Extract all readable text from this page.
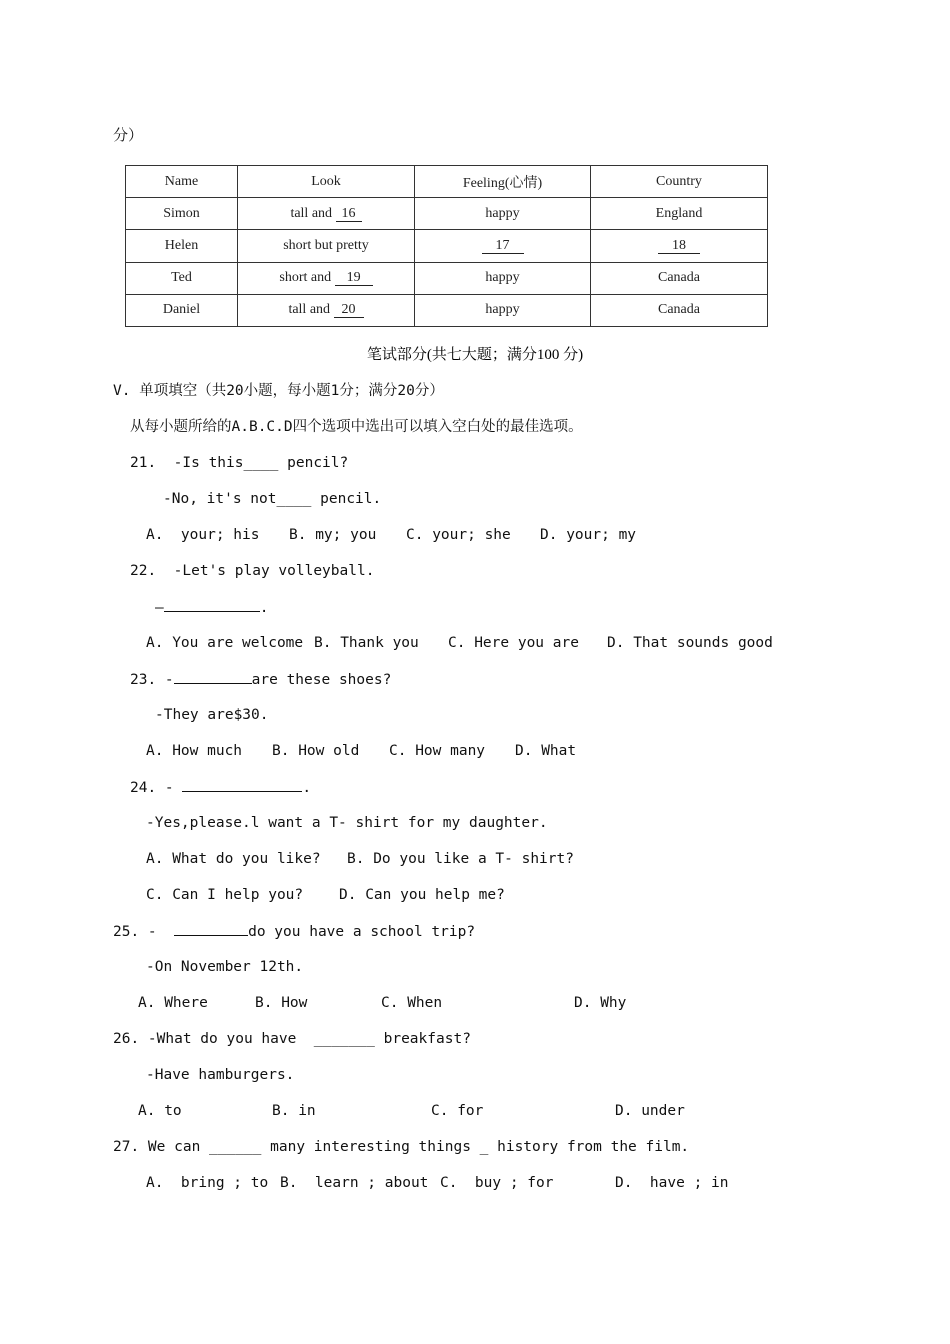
分）
Name	Look	Feeling(心情)	Country
Simon	tall and 16	happy	England
Helen	short but pretty	17	18
Ted	short and 19	happy	Canada
Daniel	tall and 20	happy	Canada
笔试部分(共七大题；满分100 分)
V. 单项填空（共20小题，每小题1分；满分20分）
从每小题所给的A.B.C.D四个选项中选出可以填入空白处的最佳选项。
21.  -Is this____ pencil?
-No, it's not____ pencil.
A.  your; his B. my; you C. your; she D. your; my
22.  -Let's play volleyball.
—	.
A. You are welcome B. Thank you C. Here you are D. That sounds good
23. -	are these shoes?
-They are$30.
A. How much B. How old C. How many D. What
24. -	.
-Yes,please.l want a T- shirt for my daughter.
A. What do you like? B. Do you like a T- shirt?
C. Can I help you? D. Can you help me?
25. -	do you have a school trip?
-On November 12th.
A. Where	B. How	C. When	D. Why
26. -What do you have  _______ breakfast?
-Have hamburgers.
A. to	B. in	C. for	D. under
27. We can ______ many interesting things _ history from the film.
A.  bring ; to B.  learn ; about C.  buy ; for	D.  have ; in
